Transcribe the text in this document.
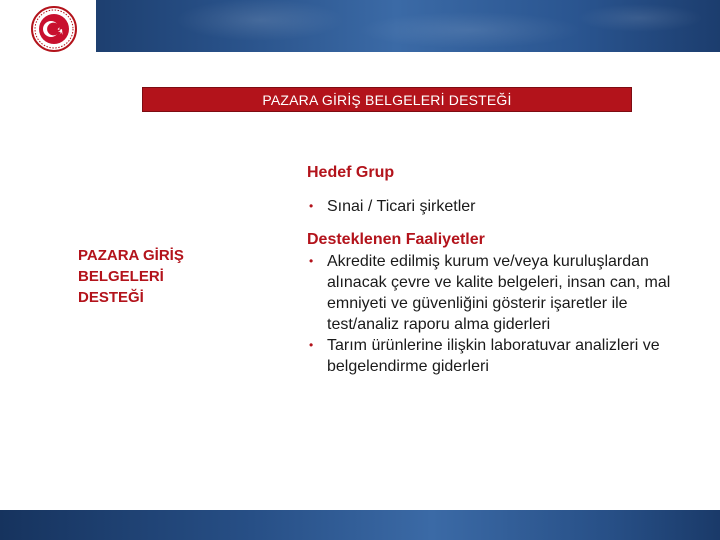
PAZARA GİRİŞ BELGELERİ DESTEĞİ
PAZARA GİRİŞ
BELGELERİ
DESTEĞİ

Hedef Grup

• Sınai / Ticari şirketler

Desteklenen Faaliyetler

• Akredite edilmiş kurum ve/veya kuruluşlardan alınacak çevre ve kalite belgeleri, insan can, mal emniyeti ve güvenliğini gösterir işaretler ile test/analiz raporu alma giderleri
• Tarım ürünlerine ilişkin laboratuvar analizleri ve belgelendirme giderleri
